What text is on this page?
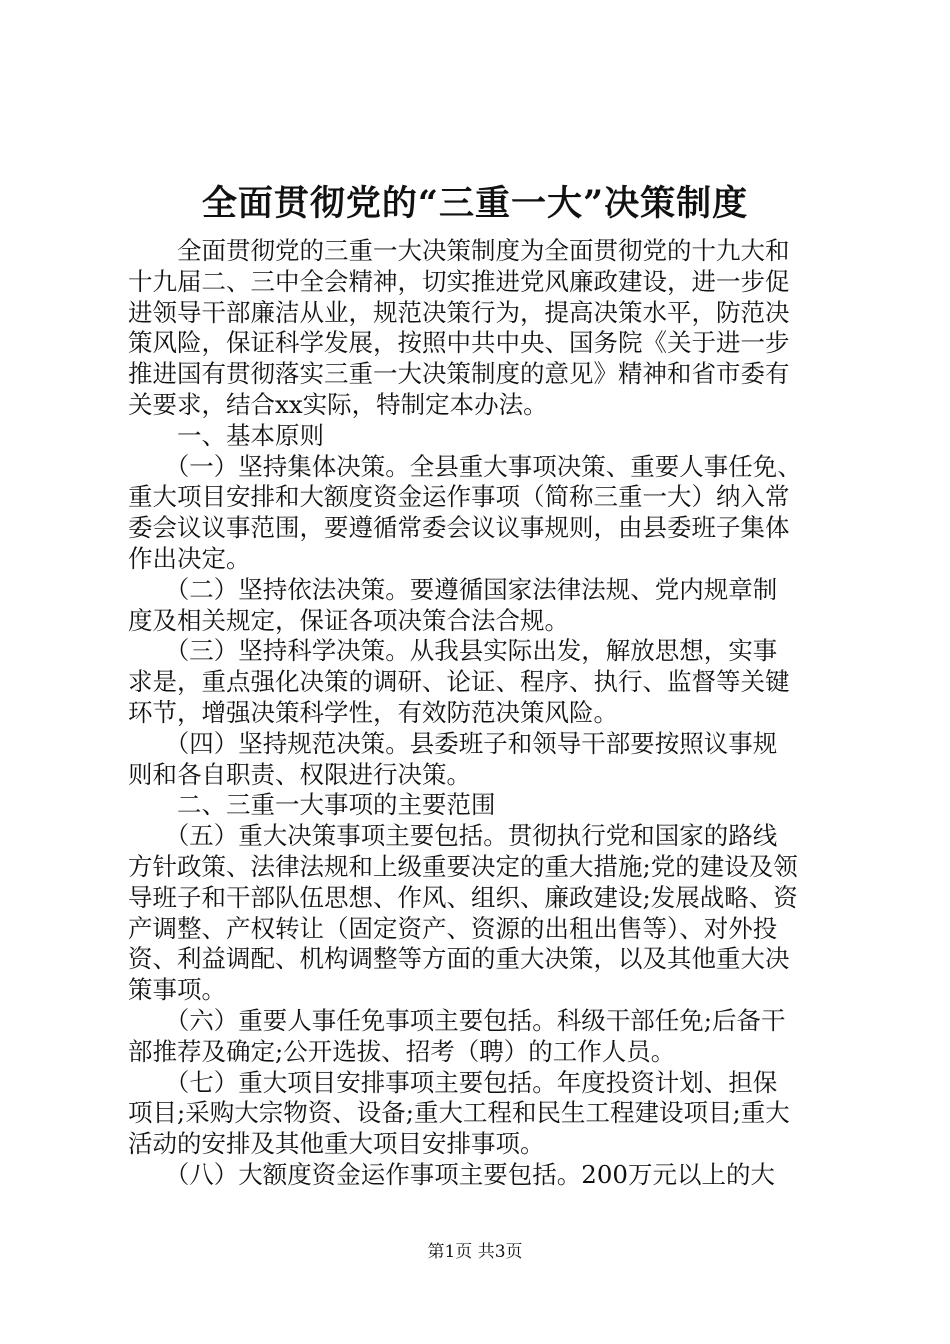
全面贯彻党的“三重一大”决策制度
　　全面贯彻党的三重一大决策制度为全面贯彻党的十九大和
十九届二、三中全会精神，切实推进党风廉政建设，进一步促
进领导干部廉洁从业，规范决策行为，提高决策水平，防范决
策风险，保证科学发展，按照中共中央、国务院《关于进一步
推进国有贯彻落实三重一大决策制度的意见》精神和省市委有
关要求，结合xx实际，特制定本办法。
　　一、基本原则
　　（一）坚持集体决策。全县重大事项决策、重要人事任免、
重大项目安排和大额度资金运作事项（简称三重一大）纳入常
委会议议事范围，要遵循常委会议议事规则，由县委班子集体
作出决定。
　　（二）坚持依法决策。要遵循国家法律法规、党内规章制
度及相关规定，保证各项决策合法合规。
　　（三）坚持科学决策。从我县实际出发，解放思想，实事
求是，重点强化决策的调研、论证、程序、执行、监督等关键
环节，增强决策科学性，有效防范决策风险。
　　（四）坚持规范决策。县委班子和领导干部要按照议事规
则和各自职责、权限进行决策。
　　二、三重一大事项的主要范围
　　（五）重大决策事项主要包括。贯彻执行党和国家的路线
方针政策、法律法规和上级重要决定的重大措施;党的建设及领
导班子和干部队伍思想、作风、组织、廉政建设;发展战略、资
产调整、产权转让（固定资产、资源的出租出售等）、对外投
资、利益调配、机构调整等方面的重大决策，以及其他重大决
策事项。
　　（六）重要人事任免事项主要包括。科级干部任免;后备干
部推荐及确定;公开选拔、招考（聘）的工作人员。
　　（七）重大项目安排事项主要包括。年度投资计划、担保
项目;采购大宗物资、设备;重大工程和民生工程建设项目;重大
活动的安排及其他重大项目安排事项。
　　（八）大额度资金运作事项主要包括。200万元以上的大
第1页 共3页
